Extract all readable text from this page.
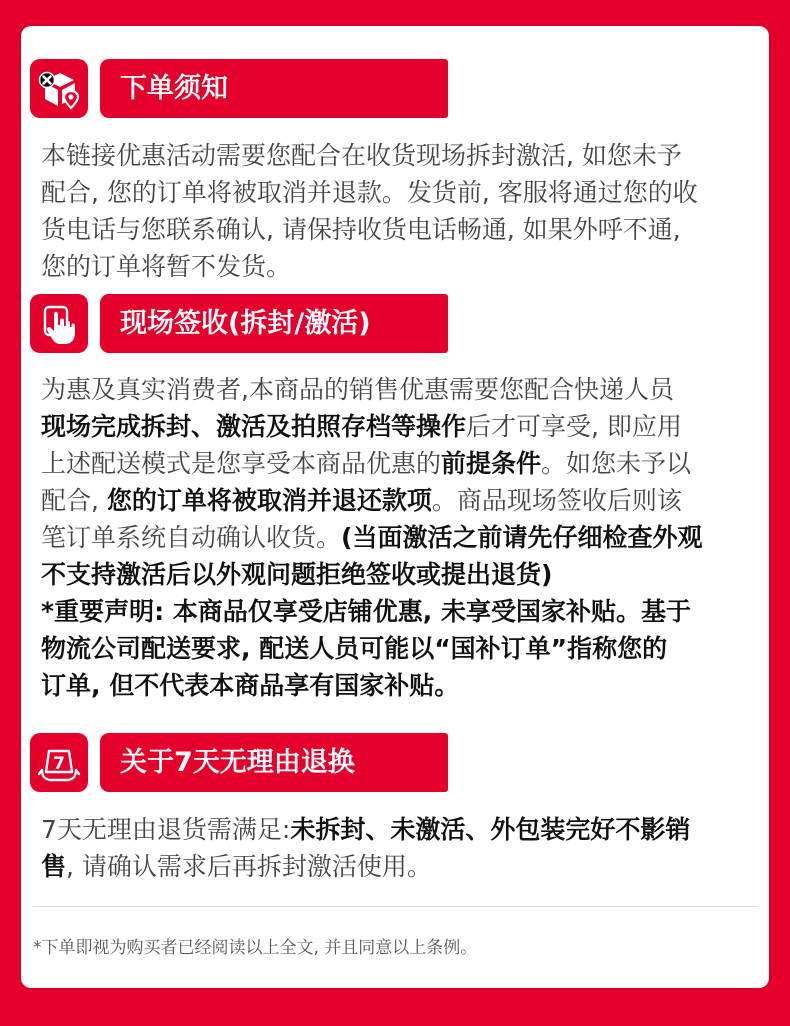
下单须知
本链接优惠活动需要您配合在收货现场拆封激活, 如您未予
配合, 您的订单将被取消并退款。发货前, 客服将通过您的收
货电话与您联系确认, 请保持收货电话畅通, 如果外呼不通,
您的订单将暂不发货。
现场签收(拆封/激活)
为惠及真实消费者,本商品的销售优惠需要您配合快递人员
现场完成拆封、激活及拍照存档等操作后才可享受, 即应用
上述配送模式是您享受本商品优惠的前提条件。如您未予以
配合, 您的订单将被取消并退还款项。商品现场签收后则该
笔订单系统自动确认收货。(当面激活之前请先仔细检查外观
不支持激活后以外观问题拒绝签收或提出退货)
*重要声明: 本商品仅享受店铺优惠, 未享受国家补贴。基于
物流公司配送要求, 配送人员可能以“国补订单”指称您的
订单, 但不代表本商品享有国家补贴。
7 关于7天无理由退换
7天无理由退货需满足:未拆封、未激活、外包装完好不影销
售, 请确认需求后再拆封激活使用。
*下单即视为购买者已经阅读以上全文, 并且同意以上条例。
